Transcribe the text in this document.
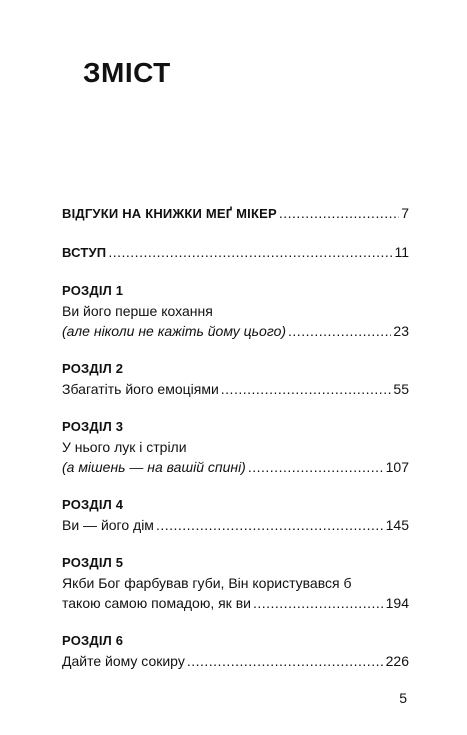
ЗМІСТ
ВІДГУКИ НА КНИЖКИ МЕҐ МІКЕР .....	7
ВСТУП .....	11
РОЗДІЛ 1
Ви його перше кохання
(але ніколи не кажіть йому цього) .....	23
РОЗДІЛ 2
Збагатіть його емоціями .....	55
РОЗДІЛ 3
У нього лук і стріли
(а мішень — на вашій спині) .....	107
РОЗДІЛ 4
Ви — його дім .....	145
РОЗДІЛ 5
Якби Бог фарбував губи, Він користувався б
такою самою помадою, як ви .....	194
РОЗДІЛ 6
Дайте йому сокиру .....	226
5
